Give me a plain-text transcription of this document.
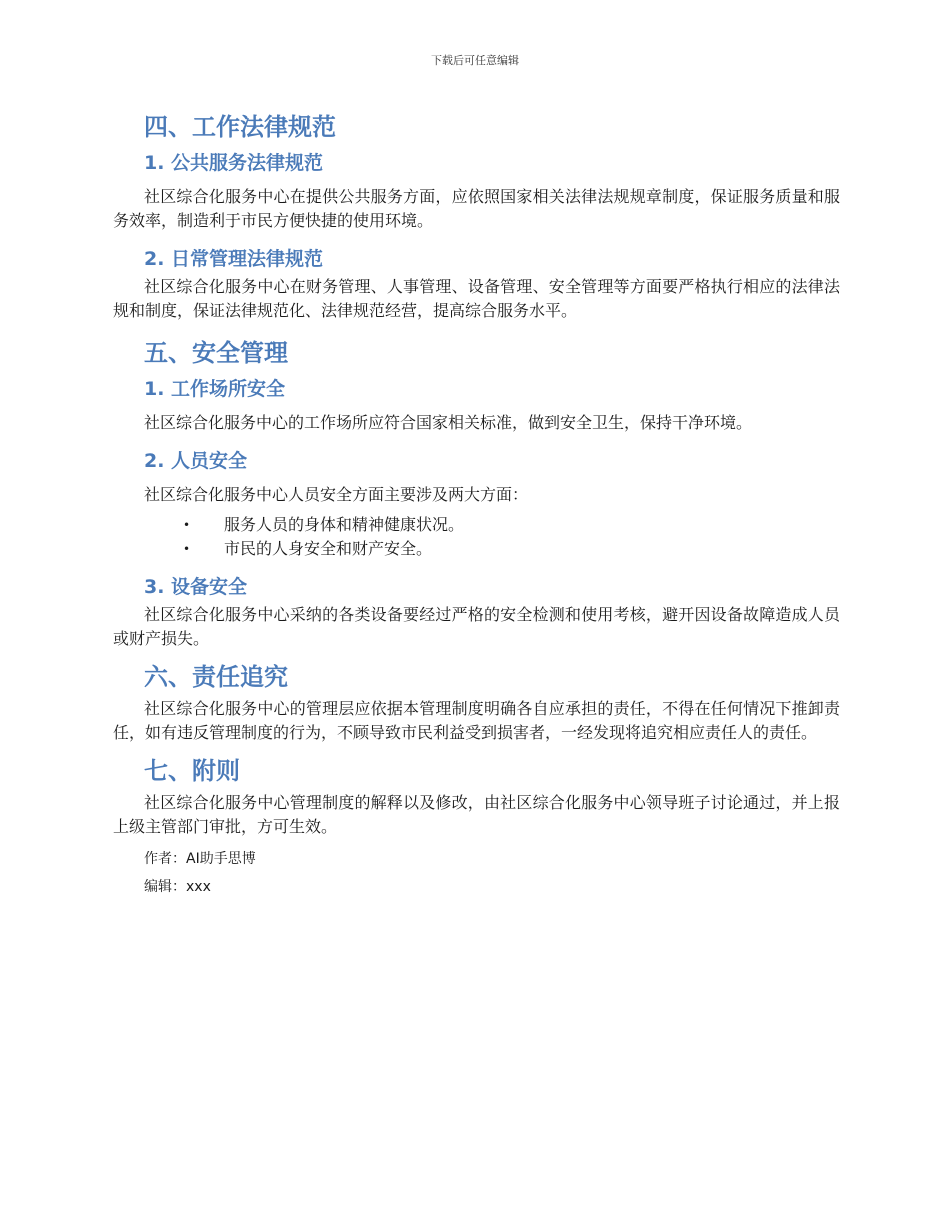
下载后可任意编辑
四、工作法律规范
1. 公共服务法律规范

社区综合化服务中心在提供公共服务方面，应依照国家相关法律法规规章制度，保证服务质量和服务效率，制造利于市民方便快捷的使用环境。

2. 日常管理法律规范

社区综合化服务中心在财务管理、人事管理、设备管理、安全管理等方面要严格执行相应的法律法规和制度，保证法律规范化、法律规范经营，提高综合服务水平。

五、安全管理
1. 工作场所安全

社区综合化服务中心的工作场所应符合国家相关标准，做到安全卫生，保持干净环境。

2. 人员安全

社区综合化服务中心人员安全方面主要涉及两大方面：

• 服务人员的身体和精神健康状况。
• 市民的人身安全和财产安全。
3. 设备安全

社区综合化服务中心采纳的各类设备要经过严格的安全检测和使用考核，避开因设备故障造成人员或财产损失。

六、责任追究

社区综合化服务中心的管理层应依据本管理制度明确各自应承担的责任，不得在任何情况下推卸责任，如有违反管理制度的行为，不顾导致市民利益受到损害者，一经发现将追究相应责任人的责任。

七、附则

社区综合化服务中心管理制度的解释以及修改，由社区综合化服务中心领导班子讨论通过，并上报上级主管部门审批，方可生效。

作者：AI助手思博
编辑：xxx
